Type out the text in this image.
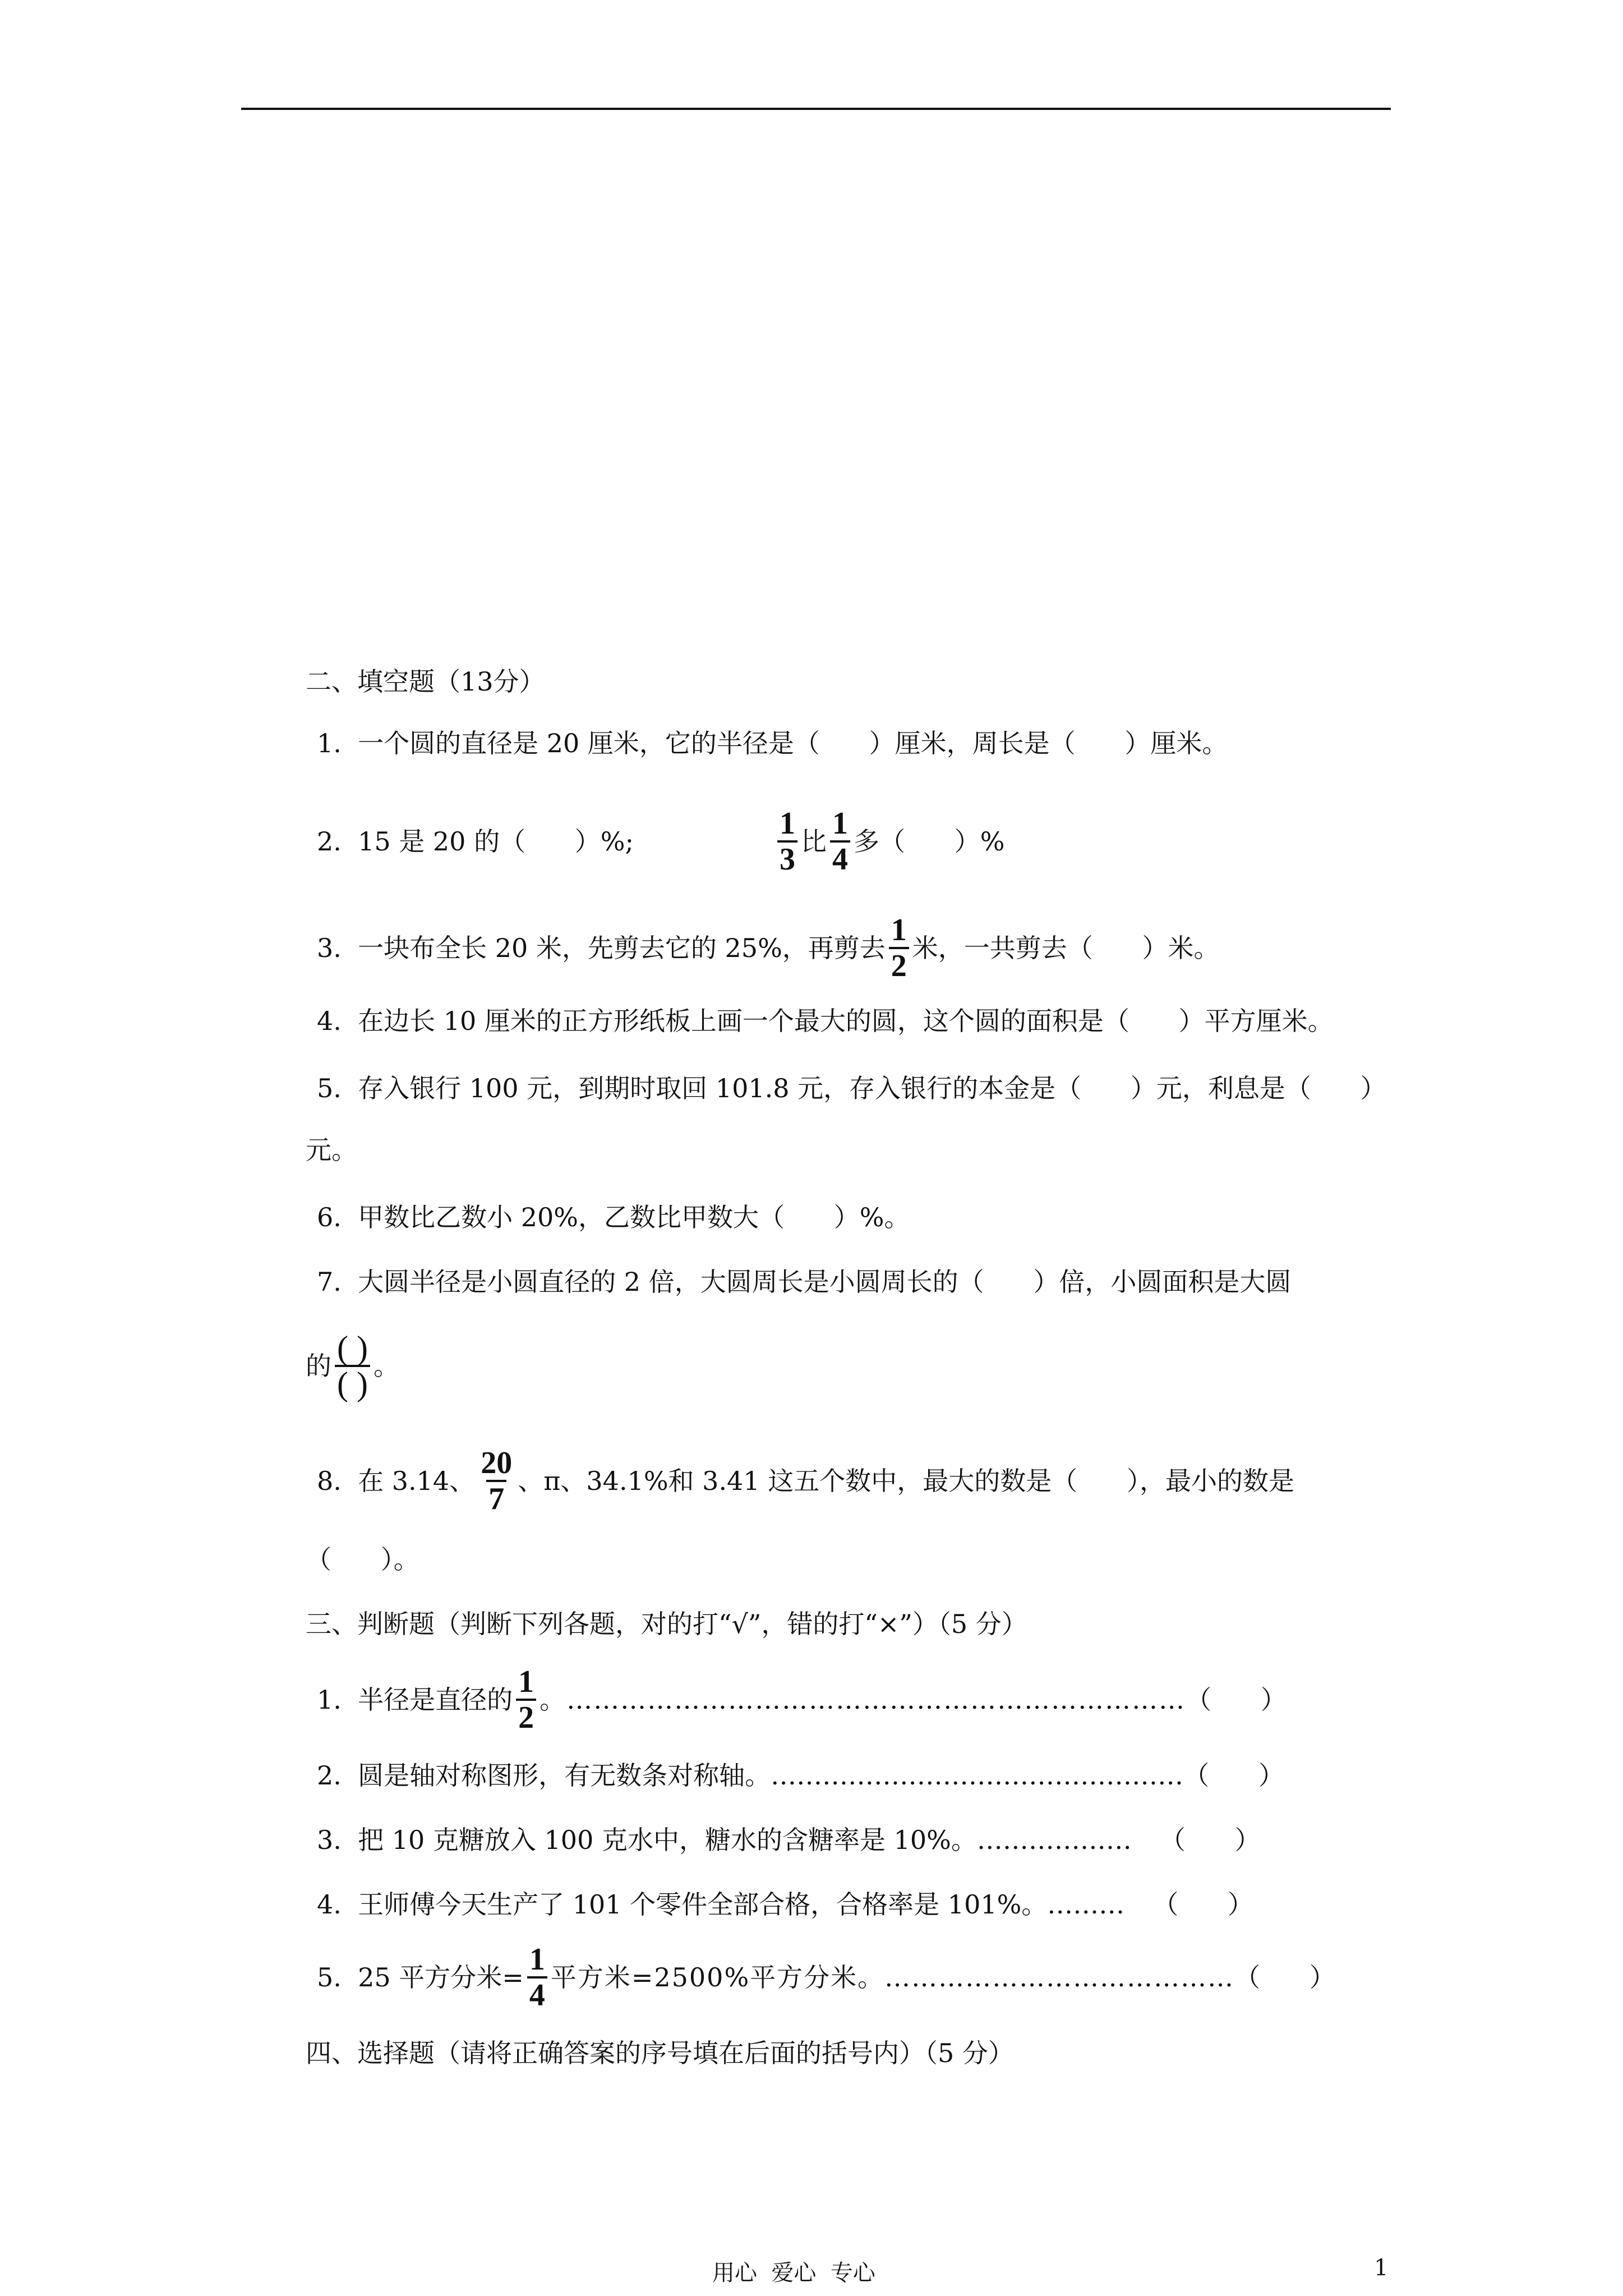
二、填空题（13分）
1.  一个圆的直径是 20 厘米，它的半径是（      ）厘米，周长是（      ）厘米。
2.  15 是 20 的（      ）%;	$\frac{1}{3}$ 比 $\frac{1}{4}$ 多（      ）%
3.  一块布全长 20 米，先剪去它的 25%，再剪去 $\frac{1}{2}$ 米，一共剪去（      ）米。
4.  在边长 10 厘米的正方形纸板上画一个最大的圆，这个圆的面积是（      ）平方厘米。
5.  存入银行 100 元，到期时取回 101.8 元，存入银行的本金是（      ）元，利息是（      ）
元。
6.  甲数比乙数小 20%，乙数比甲数大（      ）%。
7.  大圆半径是小圆直径的 2 倍，大圆周长是小圆周长的（      ）倍，小圆面积是大圆
的 $\frac{( )}{( )}$ 。
8.  在 3.14、 $\frac{20}{7}$ 、π、34.1%和 3.41 这五个数中，最大的数是（      ），最小的数是
（      ）。
三、判断题（判断下列各题，对的打“√”，错的打“×”）（5 分）
1.  半径是直径的 $\frac{1}{2}$ 。…………………………………………………………… （      ）
2.  圆是轴对称图形，有无数条对称轴。………………………………………… （      ）
3.  把 10 克糖放入 100 克水中，糖水的含糖率是 10%。……………… （      ）
4.  王师傅今天生产了 101 个零件全部合格，合格率是 101%。……… （      ）
5.  25 平方分米= $\frac{1}{4}$ 平方米=2500%平方分米。………………………………… （      ）
四、选择题（请将正确答案的序号填在后面的括号内）（5 分）
用心  爱心  专心	1
